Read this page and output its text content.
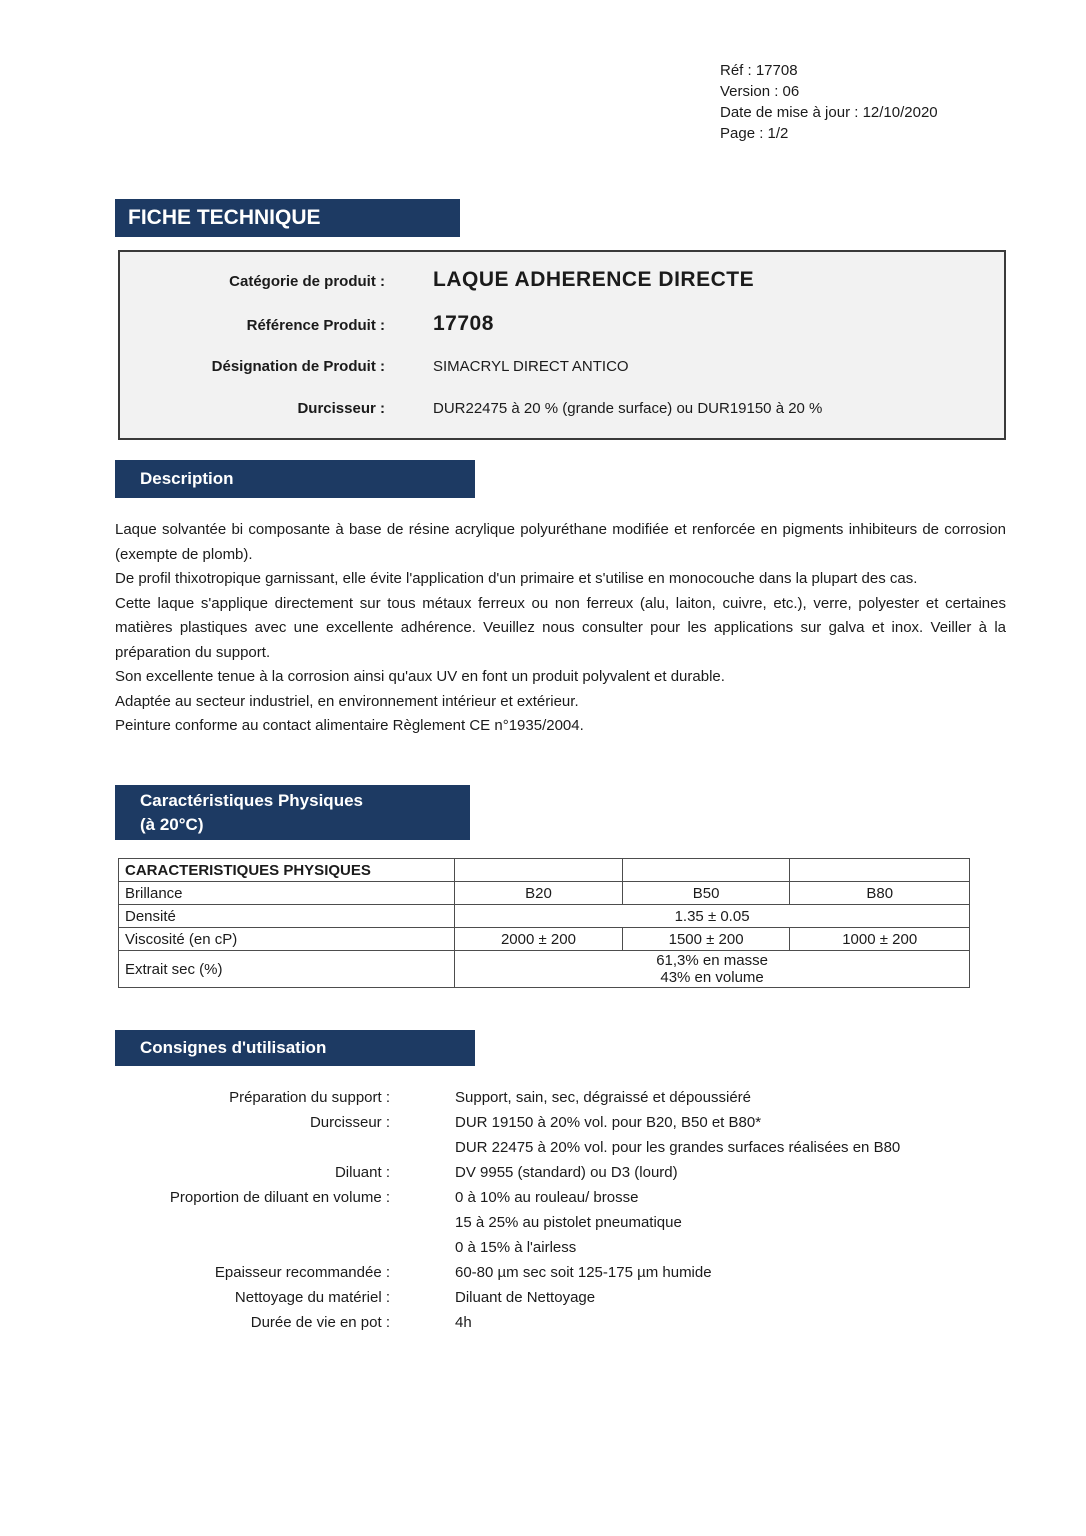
Réf : 17708
Version : 06
Date de mise à jour : 12/10/2020
Page : 1/2
FICHE TECHNIQUE
Catégorie de produit : LAQUE ADHERENCE DIRECTE
Référence Produit : 17708
Désignation de Produit :	SIMACRYL DIRECT ANTICO
Durcisseur :	DUR22475 à 20 % (grande surface) ou DUR19150 à 20 %
Description

Laque solvantée bi composante à base de résine acrylique polyuréthane modifiée et renforcée en pigments inhibiteurs de corrosion (exempte de plomb).

De profil thixotropique garnissant, elle évite l'application d'un primaire et s'utilise en monocouche dans la plupart des cas.

Cette laque s'applique directement sur tous métaux ferreux ou non ferreux (alu, laiton, cuivre, etc.), verre, polyester et certaines matières plastiques avec une excellente adhérence. Veuillez nous consulter pour les applications sur galva et inox. Veiller à la préparation du support.

Son excellente tenue à la corrosion ainsi qu'aux UV en font un produit polyvalent et durable.

Adaptée au secteur industriel, en environnement intérieur et extérieur.

Peinture conforme au contact alimentaire Règlement CE n°1935/2004.

Caractéristiques Physiques
(à 20°C)
CARACTERISTIQUES PHYSIQUES			
Brillance	B20	B50	B80
Densité	1.35 ± 0.05		
Viscosité (en cP)	2000 ± 200	1500 ± 200	1000 ± 200
Extrait sec (%)	61,3% en masse
43% en volume		
Consignes d'utilisation
Préparation du support :	Support, sain, sec, dégraissé et dépoussiéré
Durcisseur :	DUR 19150 à 20% vol. pour B20, B50 et B80*
DUR 22475 à 20% vol. pour les grandes surfaces réalisées en B80
Diluant :	DV 9955 (standard) ou D3 (lourd)
Proportion de diluant en volume :	0 à 10% au rouleau/ brosse
15 à 25% au pistolet pneumatique
0 à 15% à l'airless
Epaisseur recommandée :	60-80 µm sec soit 125-175 µm humide
Nettoyage du matériel :	Diluant de Nettoyage
Durée de vie en pot :	4h
